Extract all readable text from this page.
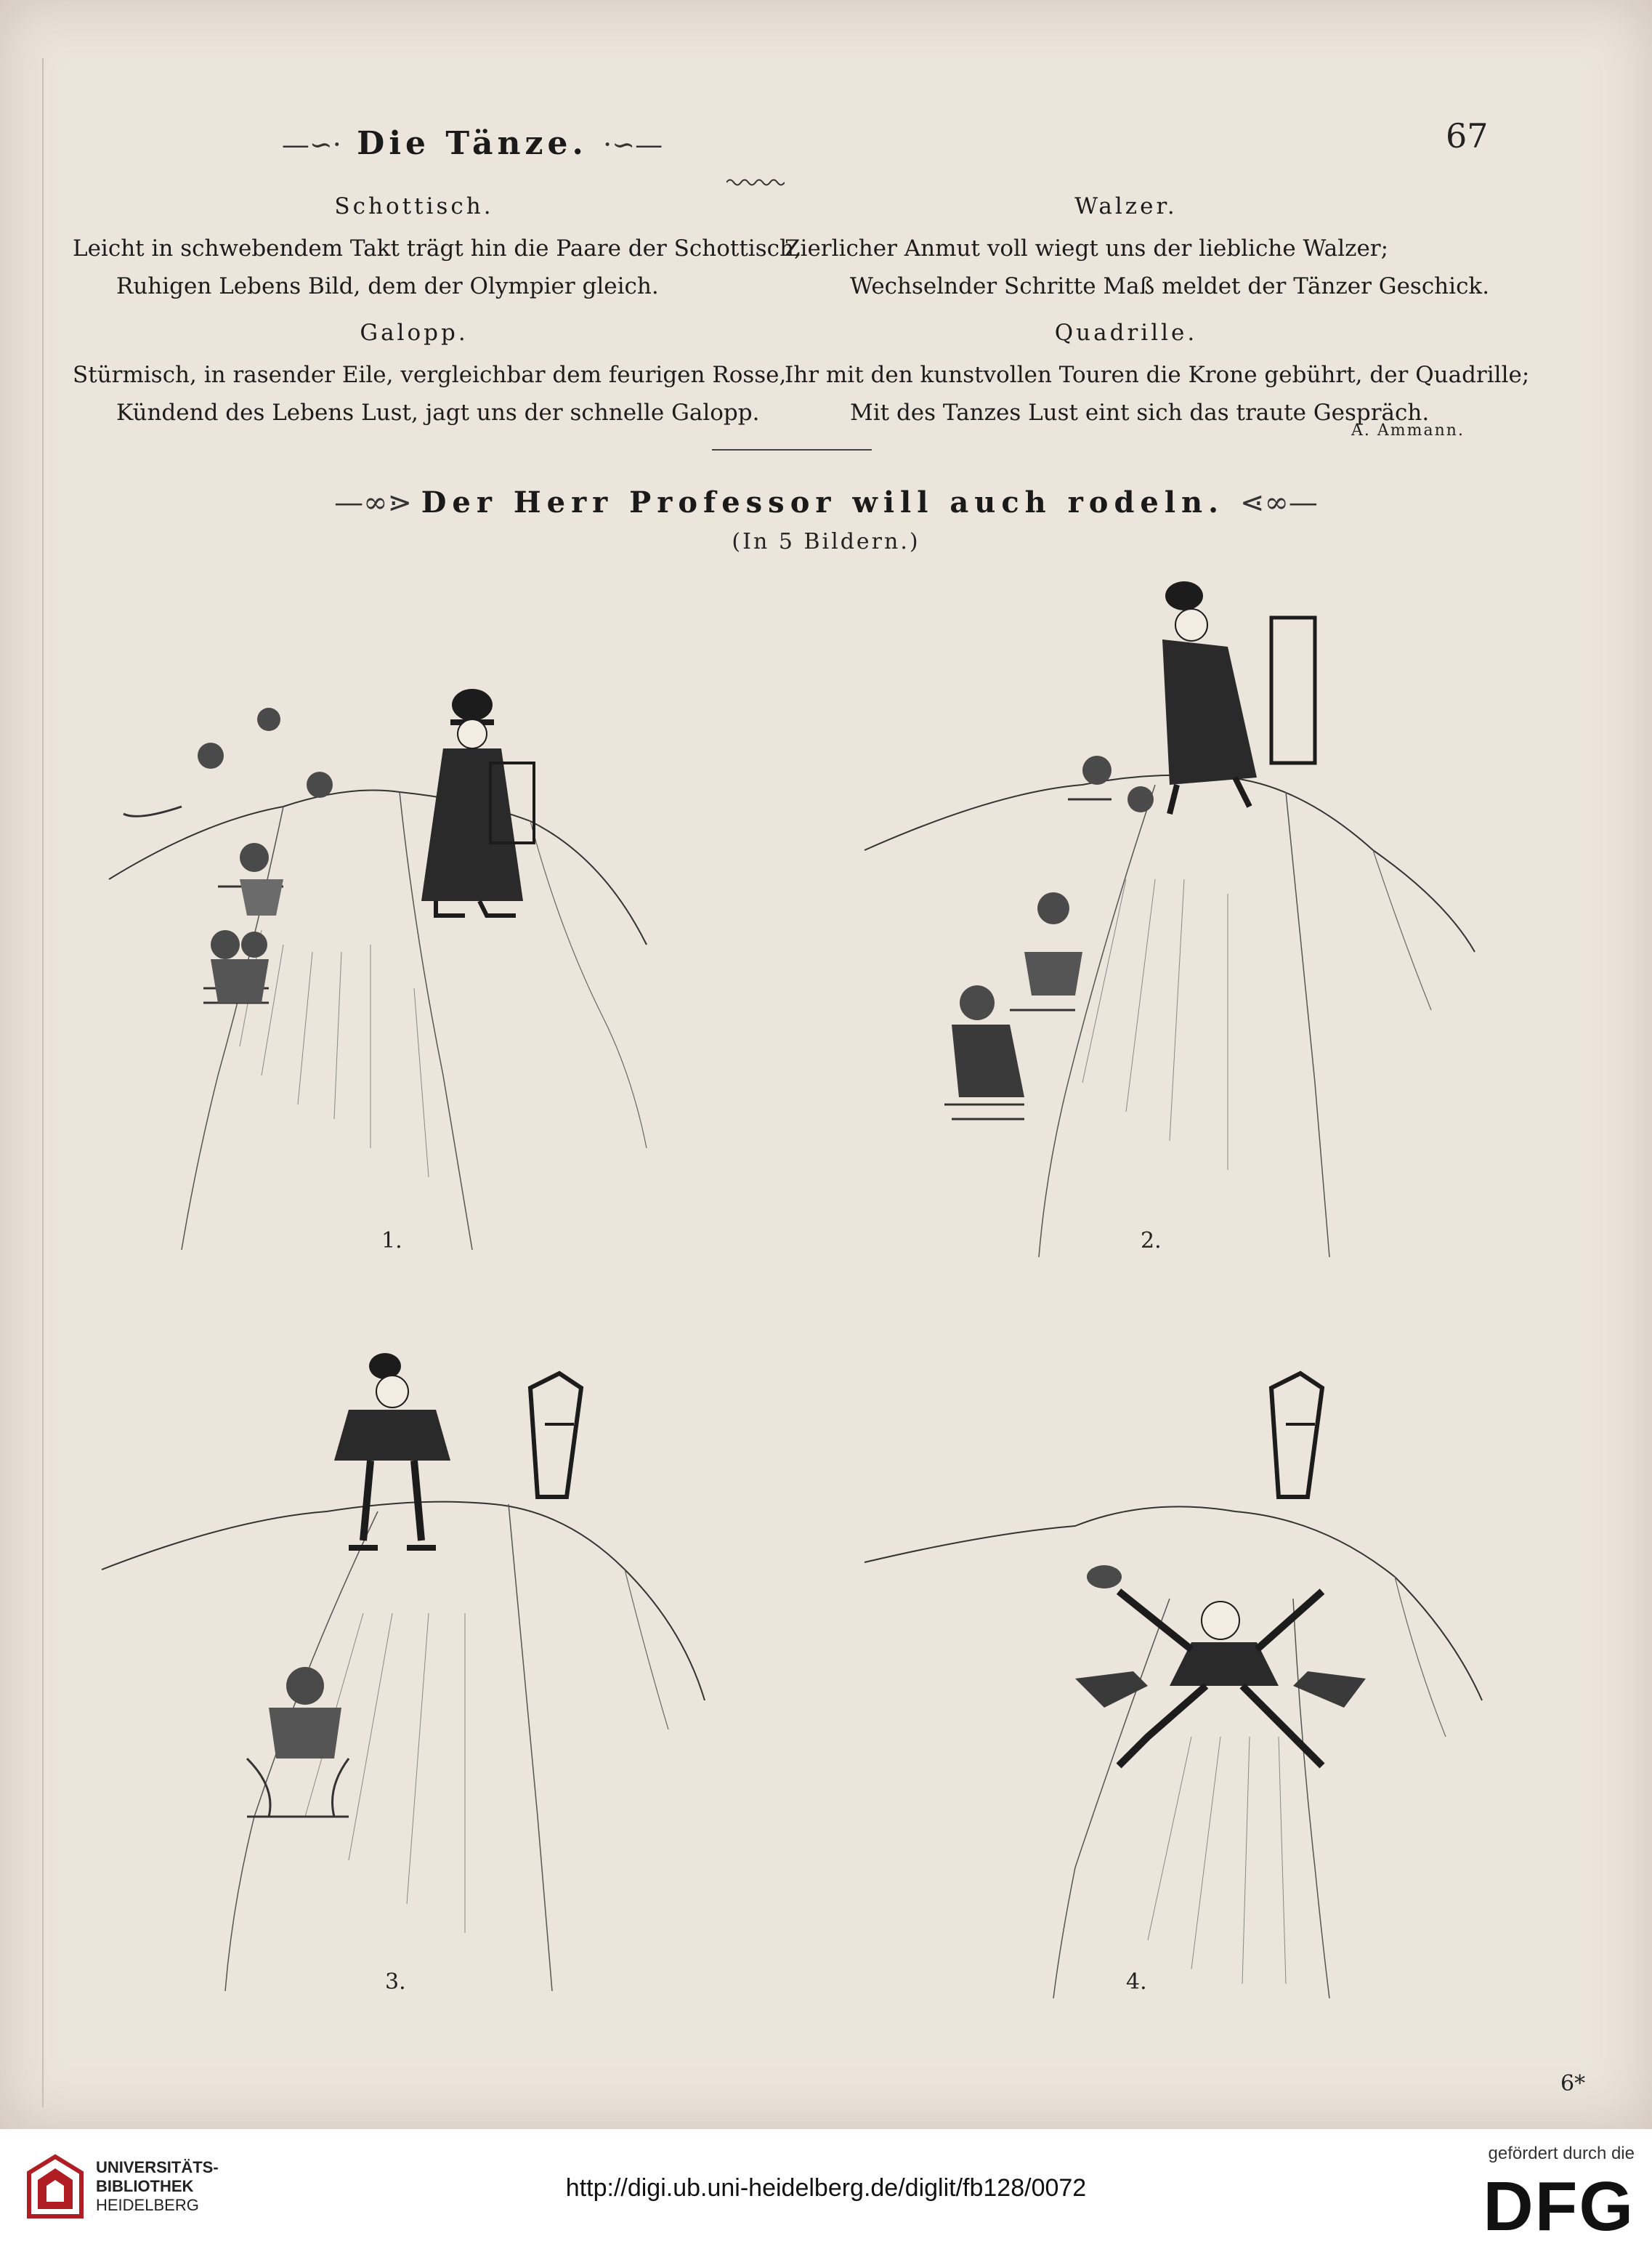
67
—∽· Die Tänze. ·∽—
Schottisch.
Leicht in schwebendem Takt trägt hin die Paare der Schottisch,
Ruhigen Lebens Bild, dem der Olympier gleich.
Galopp.
Stürmisch, in rasender Eile, vergleichbar dem feurigen Rosse,
Kündend des Lebens Lust, jagt uns der schnelle Galopp.
Walzer.
Zierlicher Anmut voll wiegt uns der liebliche Walzer;
Wechselnder Schritte Maß meldet der Tänzer Geschick.
Quadrille.
Ihr mit den kunstvollen Touren die Krone gebührt, der Quadrille;
Mit des Tanzes Lust eint sich das traute Gespräch.
A. Ammann.
—∞⋗ Der Herr Professor will auch rodeln. ⋖∞—
(In 5 Bildern.)
1.	2.
3.	4.
6*
UNIVERSITÄTS-
BIBLIOTHEK
HEIDELBERG
http://digi.ub.uni-heidelberg.de/diglit/fb128/0072
gefördert durch die
DFG
